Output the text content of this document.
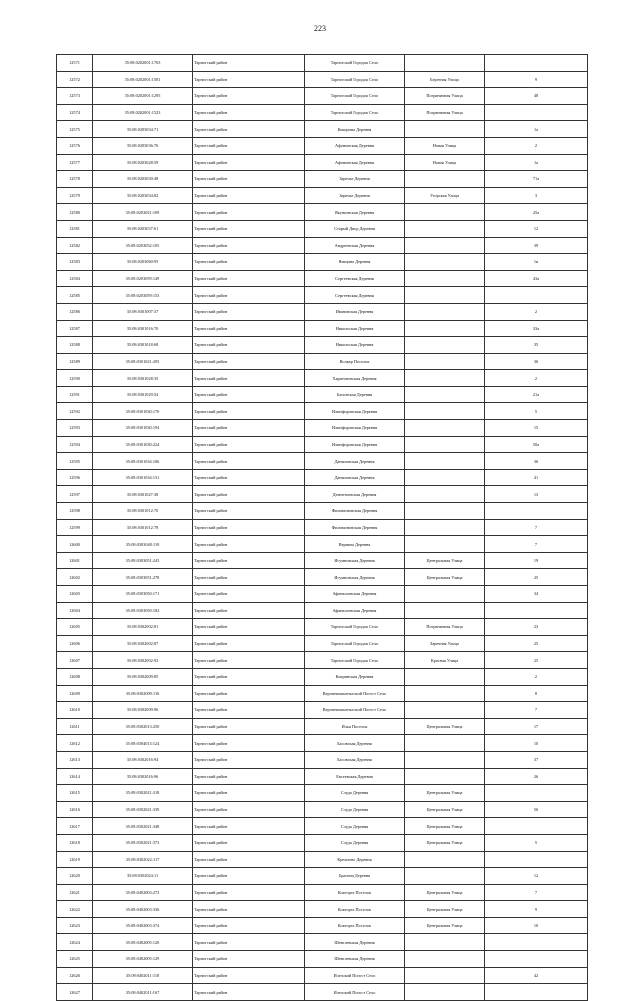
223
12571	35:08:0202001:1763	Тарногский район	Тарногский Городок Село		
12572	35:08:0202001:1581	Тарногский район	Тарногский Городок Село	Березная Улица	9
12573	35:08:0202001:1295	Тарногский район	Тарногский Городок Село	Пограничная Улица	48
12574	35:08:0202001:1523	Тарногский район	Тарногский Городок Село	Пограничная Улица	
12575	35:08:0203034:71	Тарногский район	Кокорина Деревня		1а
12576	35:08:0203036:76	Тарногский район	Афонинская Деревня	Новая Улица	2
12577	35:08:0203028:59	Тарногский район	Афонинская Деревня	Новая Улица	1а
12578	35:08:0203030:48	Тарногский район	Заречье Деревня		71а
12579	35:08:0203034:82	Тарногский район	Заречье Деревня	Угорская Улица	3
12580	35:08:0203021:109	Тарногский район	Якуньевская Деревня		25а
12581	35:08:0203037:61	Тарногский район	Старый Двор Деревня		12
12582	35:08:0203052:105	Тарногский район	Андреевская Деревня		39
12583	35:08:0203060:95	Тарногский район	Ямщина Деревня		1в
12584	35:08:0203059:149	Тарногский район	Сергеевская Деревня		43а
12585	35:08:0203059:153	Тарногский район	Сергеевская Деревня		
12586	35:08:0301007:37	Тарногский район	Ивановская Деревня		2
12587	35:08:0301016:70	Тарногский район	Никольская Деревня		33а
12588	35:08:0301018:68	Тарногский район	Никольская Деревня		35
12589	35:08:0301021:205	Тарногский район	Волкар Поселок		36
12590	35:08:0301028:35	Тарногский район	Харитоновская Деревня		2
12591	35:08:0301029:54	Тарногский район	Басинская Деревня		21а
12592	35:08:0301030:170	Тарногский район	Илинфоровская Деревня		5
12593	35:08:0301030:194	Тарногский район	Илинфоровская Деревня		15
12594	35:08:0301030:224	Тарногский район	Илинфоровская Деревня		50а
12595	35:08:0301034:106	Тарногский район	Даниловская Деревня		36
12596	35:08:0301034:131	Тарногский район	Даниловская Деревня		41
12597	35:08:0301027:38	Тарногский район	Дементьевская Деревня		13
12598	35:08:0301012:70	Тарногский район	Филимоновская Деревня		
12599	35:08:0301012:78	Тарногский район	Филимоновская Деревня		7
12600	35:08:0303048:110	Тарногский район	Верняча Деревня		7
12601	35:08:0303051:243	Тарногский район	Игумновская Деревня	Центральная Улица	19
12602	35:08:0303051:278	Тарногский район	Игумновская Деревня	Центральная Улица	25
12603	35:08:0303050:171	Тарногский район	Афанасьевская Деревня		34
12604	35:08:0303050:182	Тарногский район	Афанасьевская Деревня		
12605	35:08:0302002:81	Тарногский район	Тарногский Городок Село	Пограничная Улица	23
12606	35:08:0302002:87	Тарногский район	Тарногский Городок Село	Заречная Улица	25
12607	35:08:0302002:92	Тарногский район	Тарногский Городок Село	Красная Улица	25
12608	35:08:0302009:85	Тарногский район	Кокринская Деревня		2
12609	35:08:0302009:116	Тарногский район	Верхнекокшеньгский Погост Село		8
12610	35:08:0302009:96	Тарногский район	Верхнекокшеньгский Погост Село		7
12611	35:08:0302013:250	Тарногский район	Илья Поселок	Центральная Улица	17
12612	35:08:0304013:124	Тарногский район	Басовская Деревня		10
12613	35:08:0302016:94	Тарногский район	Басовская Деревня		37
12614	35:08:0302016:96	Тарногский район	Евсеевская Деревня		26
12615	35:08:0302021:318	Тарногский район	Слуда Деревня	Центральная Улица	
12616	35:08:0302021:339	Тарногский район	Слуда Деревня	Центральная Улица	56
12617	35:08:0302021:348	Тарногский район	Слуда Деревня	Центральная Улица	
12618	35:08:0302021:373	Тарногский район	Слуда Деревня	Центральная Улица	5
12619	35:08:0302022:117	Тарногский район	Кремлево Деревня		
12620	35:08:0302024:11	Тарногский район	Брагина Деревня		12
12621	35:08:0402003:273	Тарногский район	Кокторга Поселок	Центральная Улица	7
12622	35:08:0402003:336	Тарногский район	Кокторга Поселок	Центральная Улица	9
12623	35:08:0402003:374	Тарногский район	Кокторга Поселок	Центральная Улица	10
12624	35:08:0402005:120	Тарногский район	Шевелевская Деревня		
12625	35:08:0402005:129	Тарногский район	Шевелевская Деревня		
12626	35:08:0402011:118	Тарногский район	Илезский Погост Село		42
12627	35:08:0402011:167	Тарногский район	Илезский Погост Село		
